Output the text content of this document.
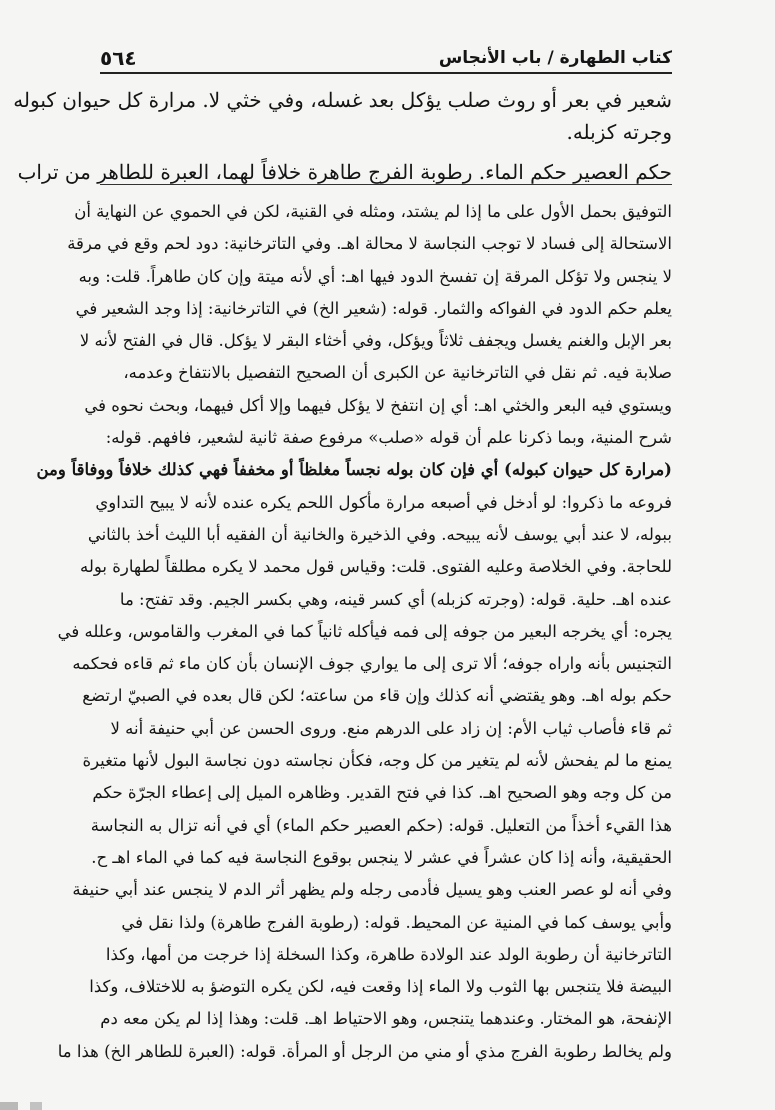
كتاب الطهارة / باب الأنجاس
٥٦٤
شعير في بعر أو روث صلب يؤكل بعد غسله، وفي خثي لا. مرارة كل حيوان كبوله
وجرته كزبله.
حكم العصير حكم الماء. رطوبة الفرج طاهرة خلافاً لهما، العبرة للطاهر من تراب
التوفيق بحمل الأول على ما إذا لم يشتد، ومثله في القنية، لكن في الحموي عن النهاية أن
الاستحالة إلى فساد لا توجب النجاسة لا محالة اهـ. وفي التاترخانية: دود لحم وقع في مرقة
لا ينجس ولا تؤكل المرقة إن تفسخ الدود فيها اهـ: أي لأنه ميتة وإن كان طاهراً. قلت: وبه
يعلم حكم الدود في الفواكه والثمار. قوله: (شعير الخ) في التاترخانية: إذا وجد الشعير في
بعر الإبل والغنم يغسل ويجفف ثلاثاً ويؤكل، وفي أخثاء البقر لا يؤكل. قال في الفتح لأنه لا
صلابة فيه. ثم نقل في التاترخانية عن الكبرى أن الصحيح التفصيل بالانتفاخ وعدمه،
ويستوي فيه البعر والخثي اهـ: أي إن انتفخ لا يؤكل فيهما وإلا أكل فيهما، وبحث نحوه في
شرح المنية، وبما ذكرنا علم أن قوله «صلب» مرفوع صفة ثانية لشعير، فافهم. قوله:
(مرارة كل حيوان كبوله) أي فإن كان بوله نجساً مغلظاً أو مخففاً فهي كذلك خلافاً ووفاقاً ومن
فروعه ما ذكروا: لو أدخل في أصبعه مرارة مأكول اللحم يكره عنده لأنه لا يبيح التداوي
ببوله، لا عند أبي يوسف لأنه يبيحه. وفي الذخيرة والخانية أن الفقيه أبا الليث أخذ بالثاني
للحاجة. وفي الخلاصة وعليه الفتوى. قلت: وقياس قول محمد لا يكره مطلقاً لطهارة بوله
عنده اهـ. حلية. قوله: (وجرته كزبله) أي كسر قينه، وهي بكسر الجيم. وقد تفتح: ما
يجره: أي يخرجه البعير من جوفه إلى فمه فيأكله ثانياً كما في المغرب والقاموس، وعلله في
التجنيس بأنه واراه جوفه؛ ألا ترى إلى ما يواري جوف الإنسان بأن كان ماء ثم قاءه فحكمه
حكم بوله اهـ. وهو يقتضي أنه كذلك وإن قاء من ساعته؛ لكن قال بعده في الصبيّ ارتضع
ثم قاء فأصاب ثياب الأم: إن زاد على الدرهم منع. وروى الحسن عن أبي حنيفة أنه لا
يمنع ما لم يفحش لأنه لم يتغير من كل وجه، فكأن نجاسته دون نجاسة البول لأنها متغيرة
من كل وجه وهو الصحيح اهـ. كذا في فتح القدير. وظاهره الميل إلى إعطاء الجرّة حكم
هذا القيء أخذاً من التعليل. قوله: (حكم العصير حكم الماء) أي في أنه تزال به النجاسة
الحقيقية، وأنه إذا كان عشراً في عشر لا ينجس بوقوع النجاسة فيه كما في الماء اهـ ح.
وفي أنه لو عصر العنب وهو يسيل فأدمى رجله ولم يظهر أثر الدم لا ينجس عند أبي حنيفة
وأبي يوسف كما في المنية عن المحيط. قوله: (رطوبة الفرج طاهرة) ولذا نقل في
التاترخانية أن رطوبة الولد عند الولادة طاهرة، وكذا السخلة إذا خرجت من أمها، وكذا
البيضة فلا يتنجس بها الثوب ولا الماء إذا وقعت فيه، لكن يكره التوضؤ به للاختلاف، وكذا
الإنفحة، هو المختار. وعندهما يتنجس، وهو الاحتياط اهـ. قلت: وهذا إذا لم يكن معه دم
ولم يخالط رطوبة الفرج مذي أو مني من الرجل أو المرأة. قوله: (العبرة للطاهر الخ) هذا ما
